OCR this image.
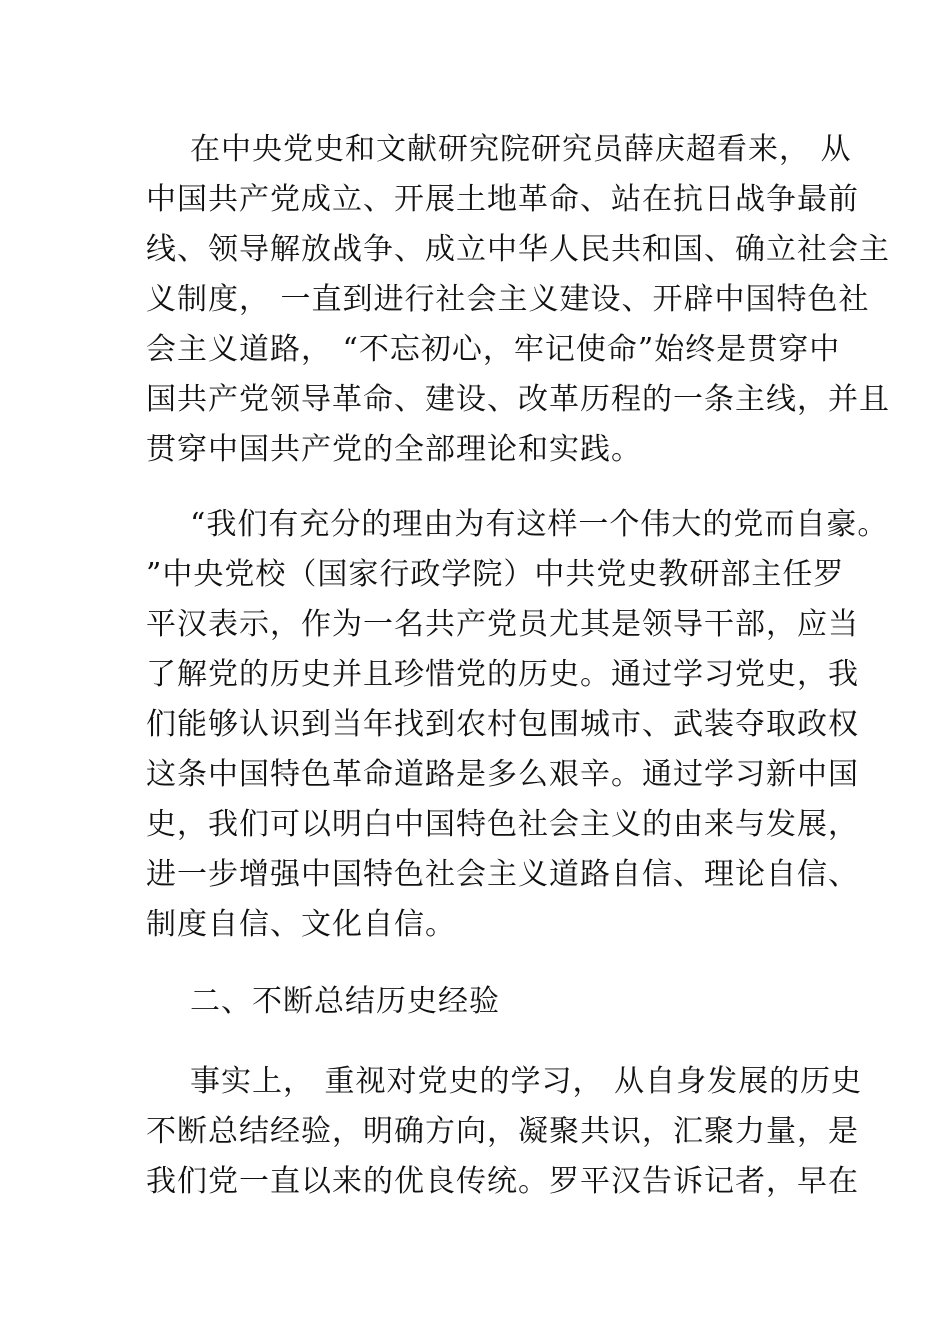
在中央党史和文献研究院研究员薛庆超看来， 从
中国共产党成立、开展土地革命、站在抗日战争最前
线、领导解放战争、成立中华人民共和国、确立社会主
义制度， 一直到进行社会主义建设、开辟中国特色社
会主义道路， “不忘初心，牢记使命”始终是贯穿中
国共产党领导革命、建设、改革历程的一条主线，并且
贯穿中国共产党的全部理论和实践。
“我们有充分的理由为有这样一个伟大的党而自豪。
”中央党校（国家行政学院）中共党史教研部主任罗
平汉表示，作为一名共产党员尤其是领导干部，应当
了解党的历史并且珍惜党的历史。通过学习党史，我
们能够认识到当年找到农村包围城市、武装夺取政权
这条中国特色革命道路是多么艰辛。通过学习新中国
史，我们可以明白中国特色社会主义的由来与发展，
进一步增强中国特色社会主义道路自信、理论自信、
制度自信、文化自信。
二、不断总结历史经验
事实上， 重视对党史的学习， 从自身发展的历史
不断总结经验，明确方向，凝聚共识，汇聚力量，是
我们党一直以来的优良传统。罗平汉告诉记者，早在
